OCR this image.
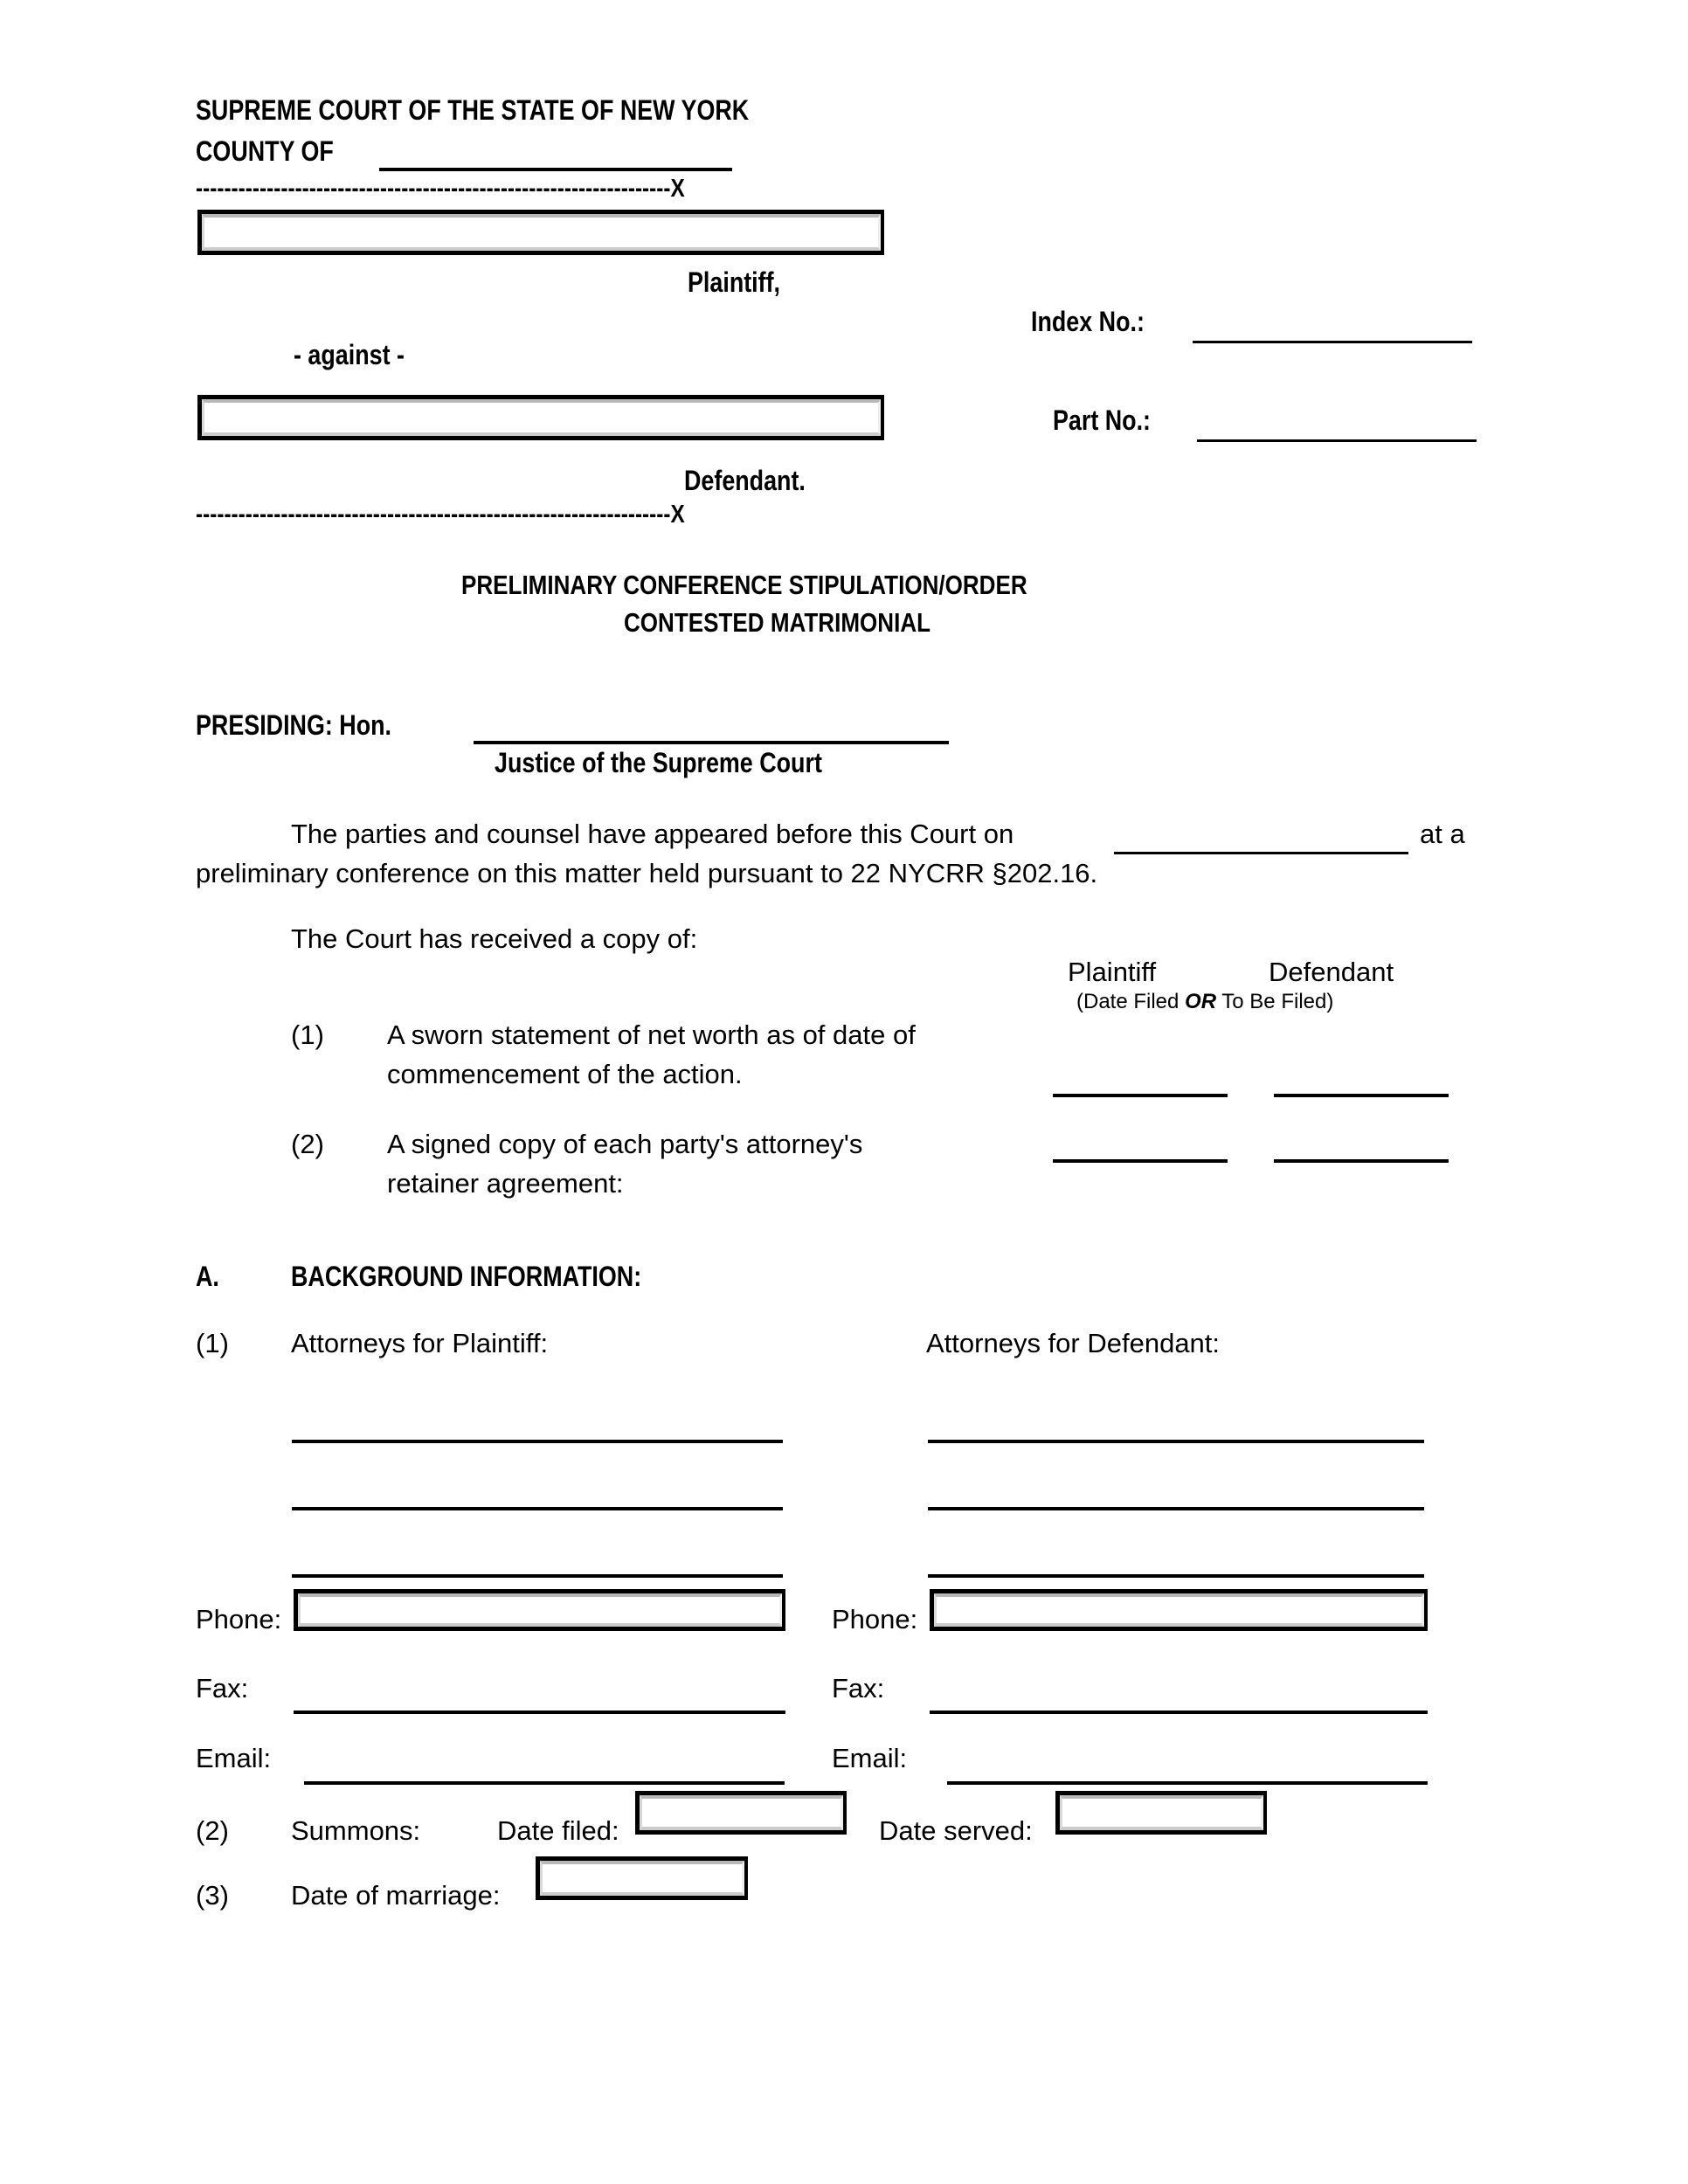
SUPREME COURT OF THE STATE OF NEW YORK
COUNTY OF
-------------------------------------------------------------------X
Plaintiff,
Index No.:
- against -
Part No.:
Defendant.
-------------------------------------------------------------------X
PRELIMINARY CONFERENCE STIPULATION/ORDER
CONTESTED MATRIMONIAL
PRESIDING: Hon.
Justice of the Supreme Court
The parties and counsel have appeared before this Court on	at a
preliminary conference on this matter held pursuant to 22 NYCRR §202.16.
The Court has received a copy of:
Plaintiff	Defendant
(Date Filed OR To Be Filed)
(1) A sworn statement of net worth as of date of
commencement of the action.
(2) A signed copy of each party's attorney's
retainer agreement:
A.	BACKGROUND INFORMATION:
(1) Attorneys for Plaintiff:	Attorneys for Defendant:
Phone:	Phone:
Fax:	Fax:
Email:	Email:
(2) Summons:	Date filed:	Date served:
(3) Date of marriage:
